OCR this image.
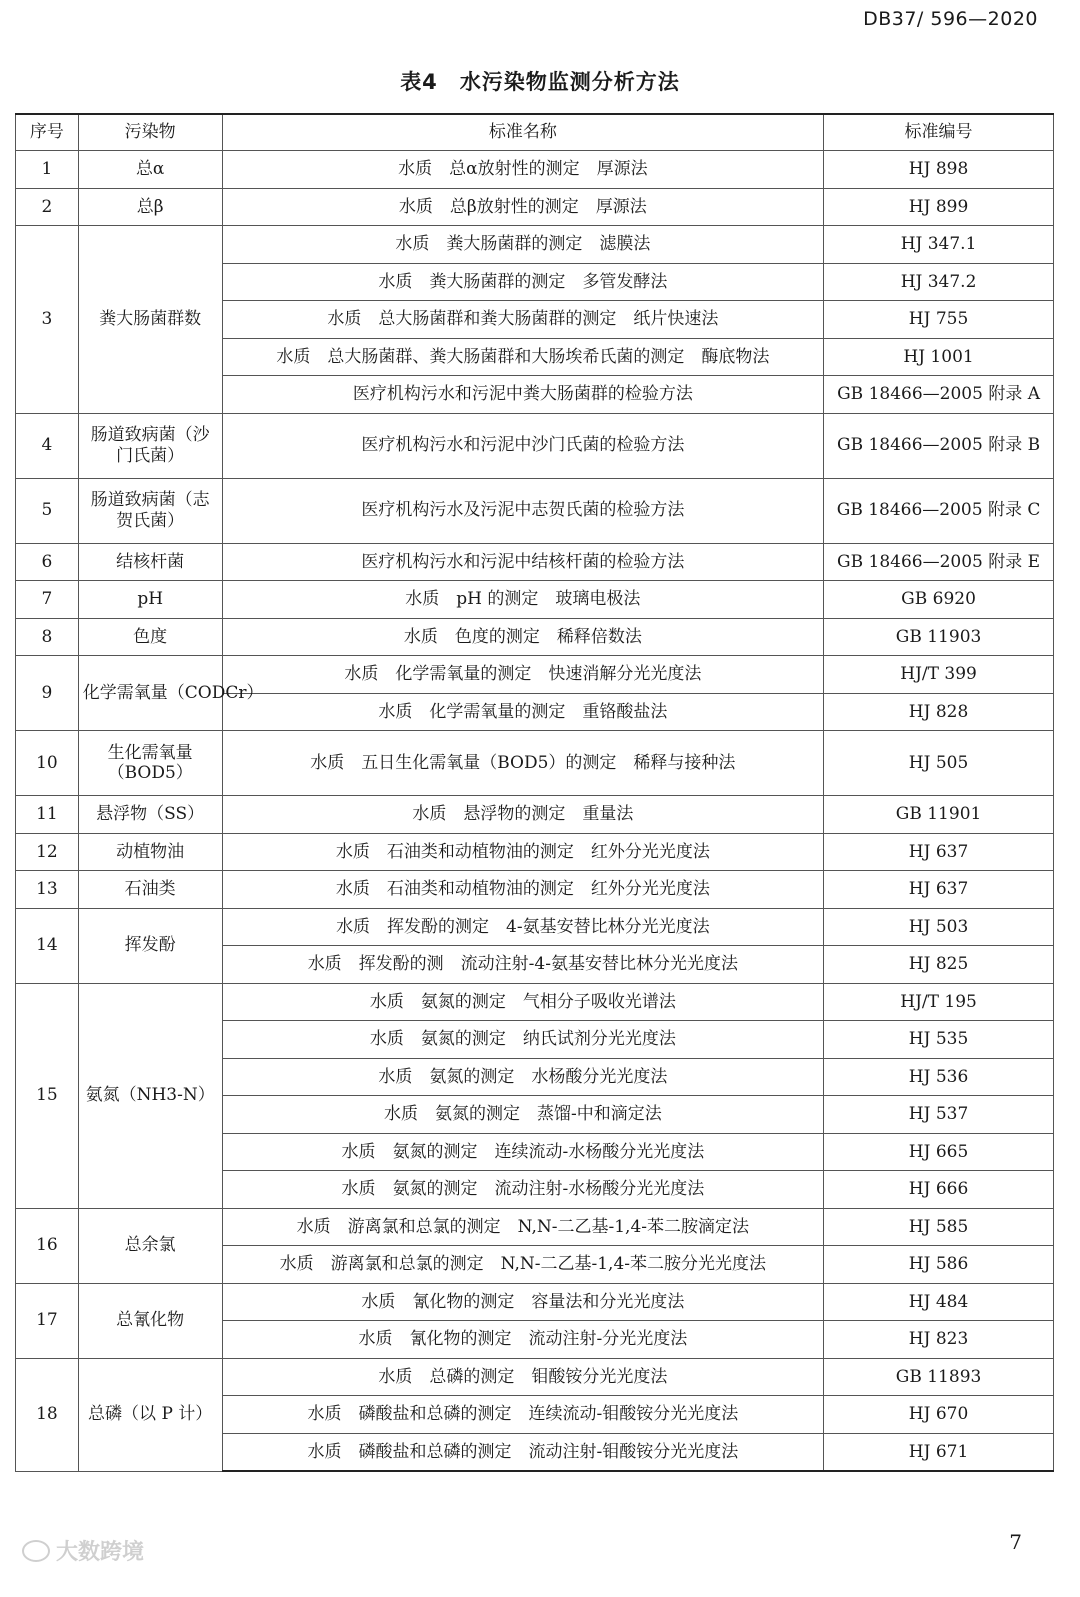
DB37/ 596—2020
表4 水污染物监测分析方法
序号	污染物	标准名称	标准编号
1	总α	水质　总α放射性的测定　厚源法	HJ 898
2	总β	水质　总β放射性的测定　厚源法	HJ 899
3	粪大肠菌群数	水质　粪大肠菌群的测定　滤膜法	HJ 347.1
		水质　粪大肠菌群的测定　多管发酵法	HJ 347.2
		水质　总大肠菌群和粪大肠菌群的测定　纸片快速法	HJ 755
		水质　总大肠菌群、粪大肠菌群和大肠埃希氏菌的测定　酶底物法	HJ 1001
		医疗机构污水和污泥中粪大肠菌群的检验方法	GB 18466—2005 附录 A
4	肠道致病菌（沙门氏菌）	医疗机构污水和污泥中沙门氏菌的检验方法	GB 18466—2005 附录 B
5	肠道致病菌（志贺氏菌）	医疗机构污水及污泥中志贺氏菌的检验方法	GB 18466—2005 附录 C
6	结核杆菌	医疗机构污水和污泥中结核杆菌的检验方法	GB 18466—2005 附录 E
7	pH	水质　pH 的测定　玻璃电极法	GB 6920
8	色度	水质　色度的测定　稀释倍数法	GB 11903
9	化学需氧量（CODCr）	水质　化学需氧量的测定　快速消解分光光度法	HJ/T 399
		水质　化学需氧量的测定　重铬酸盐法	HJ 828
10	生化需氧量（BOD5）	水质　五日生化需氧量（BOD5）的测定　稀释与接种法	HJ 505
11	悬浮物（SS）	水质　悬浮物的测定　重量法	GB 11901
12	动植物油	水质　石油类和动植物油的测定　红外分光光度法	HJ 637
13	石油类	水质　石油类和动植物油的测定　红外分光光度法	HJ 637
14	挥发酚	水质　挥发酚的测定　4-氨基安替比林分光光度法	HJ 503
		水质　挥发酚的测　流动注射-4-氨基安替比林分光光度法	HJ 825
15	氨氮（NH3-N）	水质　氨氮的测定　气相分子吸收光谱法	HJ/T 195
		水质　氨氮的测定　纳氏试剂分光光度法	HJ 535
		水质　氨氮的测定　水杨酸分光光度法	HJ 536
		水质　氨氮的测定　蒸馏-中和滴定法	HJ 537
		水质　氨氮的测定　连续流动-水杨酸分光光度法	HJ 665
		水质　氨氮的测定　流动注射-水杨酸分光光度法	HJ 666
16	总余氯	水质　游离氯和总氯的测定　N,N-二乙基-1,4-苯二胺滴定法	HJ 585
		水质　游离氯和总氯的测定　N,N-二乙基-1,4-苯二胺分光光度法	HJ 586
17	总氰化物	水质　氰化物的测定　容量法和分光光度法	HJ 484
		水质　氰化物的测定　流动注射-分光光度法	HJ 823
18	总磷（以 P 计）	水质　总磷的测定　钼酸铵分光光度法	GB 11893
		水质　磷酸盐和总磷的测定　连续流动-钼酸铵分光光度法	HJ 670
		水质　磷酸盐和总磷的测定　流动注射-钼酸铵分光光度法	HJ 671
大数跨境	7
